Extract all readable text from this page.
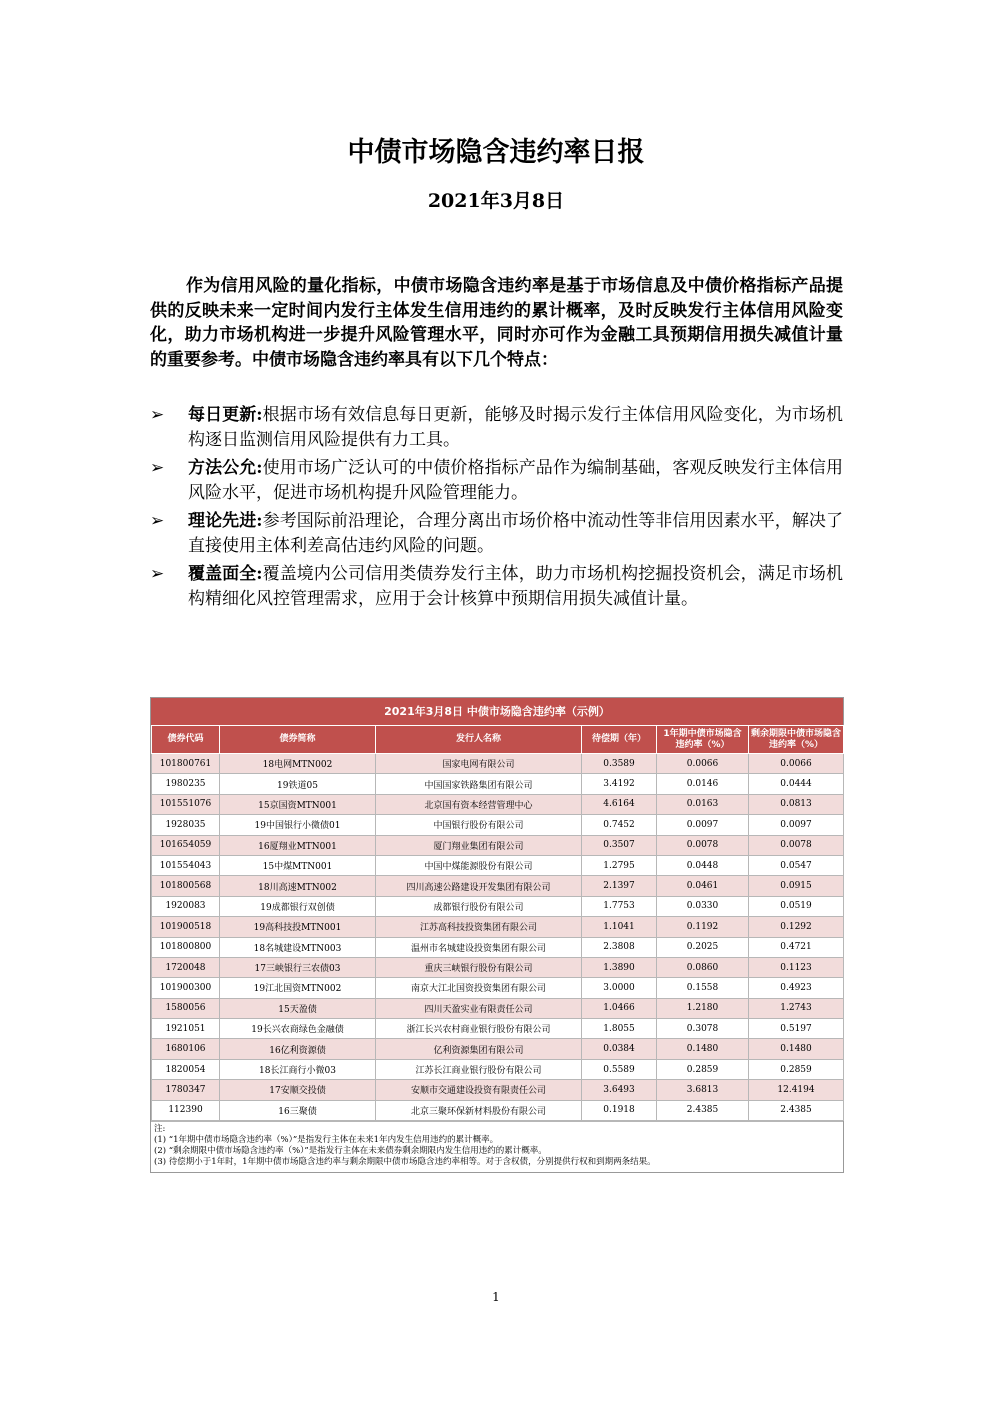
中债市场隐含违约率日报
2021年3月8日
作为信用风险的量化指标，中债市场隐含违约率是基于市场信息及中债价格指标产品提供的反映未来一定时间内发行主体发生信用违约的累计概率，及时反映发行主体信用风险变化，助力市场机构进一步提升风险管理水平，同时亦可作为金融工具预期信用损失减值计量的重要参考。中债市场隐含违约率具有以下几个特点：
➢ 每日更新:根据市场有效信息每日更新，能够及时揭示发行主体信用风险变化，为市场机构逐日监测信用风险提供有力工具。
➢ 方法公允:使用市场广泛认可的中债价格指标产品作为编制基础，客观反映发行主体信用风险水平，促进市场机构提升风险管理能力。
➢ 理论先进:参考国际前沿理论，合理分离出市场价格中流动性等非信用因素水平，解决了直接使用主体利差高估违约风险的问题。
➢ 覆盖面全:覆盖境内公司信用类债券发行主体，助力市场机构挖掘投资机会，满足市场机构精细化风控管理需求，应用于会计核算中预期信用损失减值计量。
2021年3月8日 中债市场隐含违约率（示例）
债券代码	债券简称	发行人名称	待偿期（年）	1年期中债市场隐含违约率（%）	剩余期限中债市场隐含违约率（%）
101800761	18电网MTN002	国家电网有限公司	0.3589	0.0066	0.0066
1980235	19铁道05	中国国家铁路集团有限公司	3.4192	0.0146	0.0444
101551076	15京国资MTN001	北京国有资本经营管理中心	4.6164	0.0163	0.0813
1928035	19中国银行小微债01	中国银行股份有限公司	0.7452	0.0097	0.0097
101654059	16厦翔业MTN001	厦门翔业集团有限公司	0.3507	0.0078	0.0078
101554043	15中煤MTN001	中国中煤能源股份有限公司	1.2795	0.0448	0.0547
101800568	18川高速MTN002	四川高速公路建设开发集团有限公司	2.1397	0.0461	0.0915
1920083	19成都银行双创债	成都银行股份有限公司	1.7753	0.0330	0.0519
101900518	19高科技投MTN001	江苏高科技投资集团有限公司	1.1041	0.1192	0.1292
101800800	18名城建设MTN003	温州市名城建设投资集团有限公司	2.3808	0.2025	0.4721
1720048	17三峡银行三农债03	重庆三峡银行股份有限公司	1.3890	0.0860	0.1123
101900300	19江北国资MTN002	南京大江北国资投资集团有限公司	3.0000	0.1558	0.4923
1580056	15天盈债	四川天盈实业有限责任公司	1.0466	1.2180	1.2743
1921051	19长兴农商绿色金融债	浙江长兴农村商业银行股份有限公司	1.8055	0.3078	0.5197
1680106	16亿利资源债	亿利资源集团有限公司	0.0384	0.1480	0.1480
1820054	18长江商行小微03	江苏长江商业银行股份有限公司	0.5589	0.2859	0.2859
1780347	17安顺交投债	安顺市交通建设投资有限责任公司	3.6493	3.6813	12.4194
112390	16三聚债	北京三聚环保新材料股份有限公司	0.1918	2.4385	2.4385
注:
(1) “1年期中债市场隐含违约率（%）”是指发行主体在未来1年内发生信用违约的累计概率。
(2) “剩余期限中债市场隐含违约率（%）”是指发行主体在未来债券剩余期限内发生信用违约的累计概率。
(3) 待偿期小于1年时，1年期中债市场隐含违约率与剩余期限中债市场隐含违约率相等。对于含权债，分别提供行权和到期两条结果。
1
